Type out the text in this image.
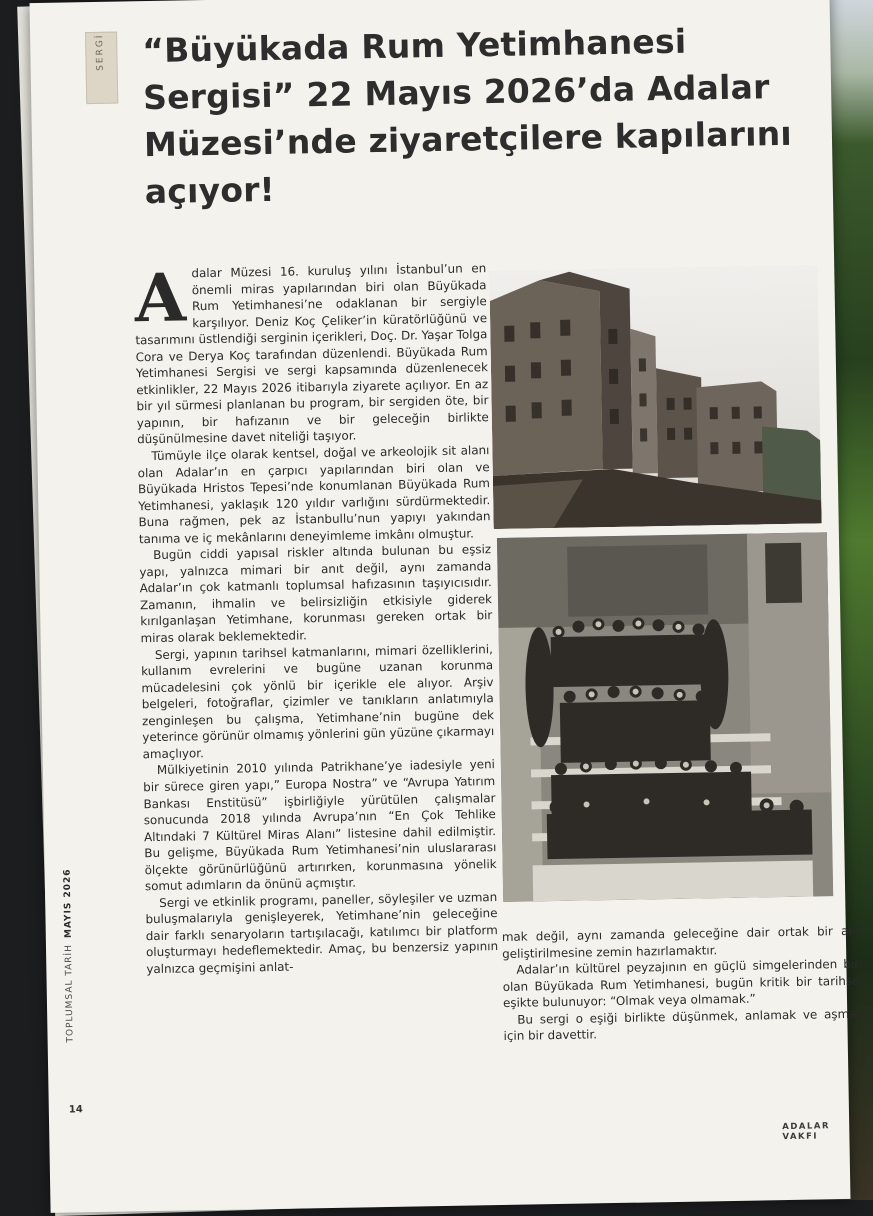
SERGİ “Büyükada Rum Yetimhanesi Sergisi” 22 Mayıs 2026’da Adalar Müzesi’nde ziyaretçilere kapılarını açıyor!

Adalar Müzesi 16. kuruluş yılını İstanbul’un en önemli miras yapılarından biri olan Büyükada Rum Yetimhanesi’ne odaklanan bir sergiyle karşılıyor. Deniz Koç Çeliker’in küratörlüğünü ve tasarımını üstlendiği serginin içerikleri, Doç. Dr. Yaşar Tolga Cora ve Derya Koç tarafından düzenlendi. Büyükada Rum Yetimhanesi Sergisi ve sergi kapsamında düzenlenecek etkinlikler, 22 Mayıs 2026 itibarıyla ziyarete açılıyor. En az bir yıl sürmesi planlanan bu program, bir sergiden öte, bir yapının, bir hafızanın ve bir geleceğin birlikte düşünülmesine davet niteliği taşıyor.

Tümüyle ilçe olarak kentsel, doğal ve arkeolojik sit alanı olan Adalar’ın en çarpıcı yapılarından biri olan ve Büyükada Hristos Tepesi’nde konumlanan Büyükada Rum Yetimhanesi, yaklaşık 120 yıldır varlığını sürdürmektedir. Buna rağmen, pek az İstanbullu’nun yapıyı yakından tanıma ve iç mekânlarını deneyimleme imkânı olmuştur.

Bugün ciddi yapısal riskler altında bulunan bu eşsiz yapı, yalnızca mimari bir anıt değil, aynı zamanda Adalar’ın çok katmanlı toplumsal hafızasının taşıyıcısıdır. Zamanın, ihmalin ve belirsizliğin etkisiyle giderek kırılganlaşan Yetimhane, korunması gereken ortak bir miras olarak beklemektedir.

Sergi, yapının tarihsel katmanlarını, mimari özelliklerini, kullanım evrelerini ve bugüne uzanan korunma mücadelesini çok yönlü bir içerikle ele alıyor. Arşiv belgeleri, fotoğraflar, çizimler ve tanıkların anlatımıyla zenginleşen bu çalışma, Yetimhane’nin bugüne dek yeterince görünür olmamış yönlerini gün yüzüne çıkarmayı amaçlıyor.

Mülkiyetinin 2010 yılında Patrikhane’ye iadesiyle yeni bir sürece giren yapı,” Europa Nostra” ve “Avrupa Yatırım Bankası Enstitüsü” işbirliğiyle yürütülen çalışmalar sonucunda 2018 yılında Avrupa’nın “En Çok Tehlike Altındaki 7 Kültürel Miras Alanı” listesine dahil edilmiştir. Bu gelişme, Büyükada Rum Yetimhanesi’nin uluslararası ölçekte görünürlüğünü artırırken, korunmasına yönelik somut adımların da önünü açmıştır.

Sergi ve etkinlik programı, paneller, söyleşiler ve uzman buluşmalarıyla genişleyerek, Yetimhane’nin geleceğine dair farklı senaryoların tartışılacağı, katılımcı bir platform oluşturmayı hedeflemektedir. Amaç, bu benzersiz yapının yalnızca geçmişini anlat-

mak değil, aynı zamanda geleceğine dair ortak bir akıl geliştirilmesine zemin hazırlamaktır.

Adalar’ın kültürel peyzajının en güçlü simgelerinden biri olan Büyükada Rum Yetimhanesi, bugün kritik bir tarihsel eşikte bulunuyor: “Olmak veya olmamak.”

Bu sergi o eşiği birlikte düşünmek, anlamak ve aşmak için bir davettir.

TOPLUMSAL TARİHMAYIS 2026
14
ADALAR VAKFI
